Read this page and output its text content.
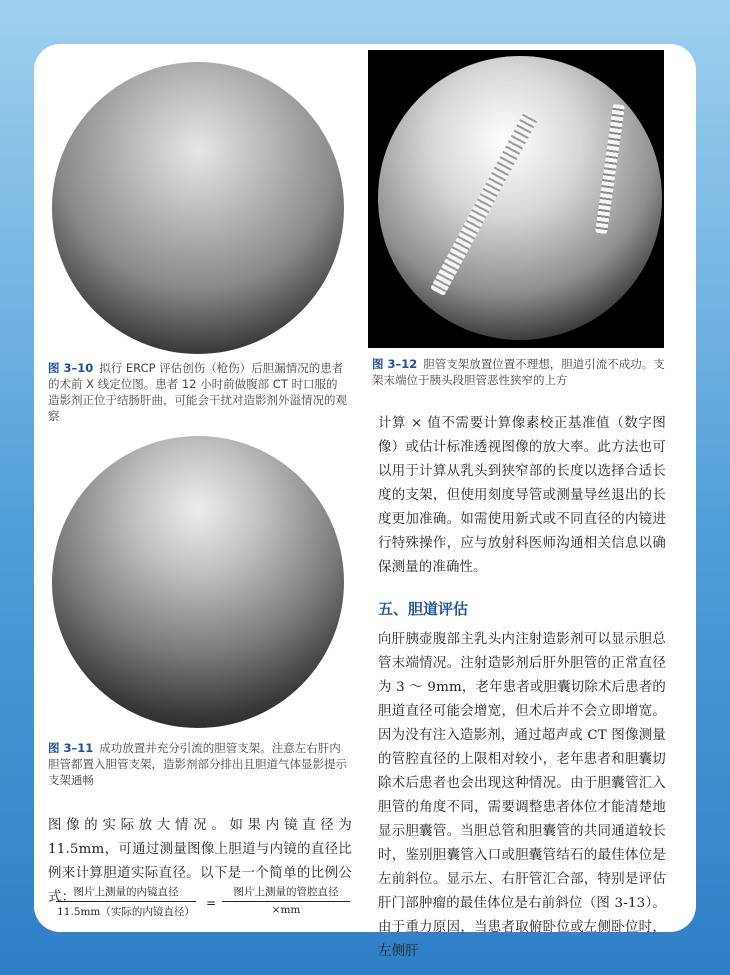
图 3–10 拟行 ERCP 评估创伤（枪伤）后胆漏情况的患者的术前 X 线定位图。患者 12 小时前做腹部 CT 时口服的造影剂正位于结肠肝曲，可能会干扰对造影剂外溢情况的观察
图 3–12 胆管支架放置位置不理想，胆道引流不成功。支架末端位于胰头段胆管恶性狭窄的上方
图 3–11 成功放置并充分引流的胆管支架。注意左右肝内胆管都置入胆管支架，造影剂部分排出且胆道气体显影提示支架通畅
图像的实际放大情况。如果内镜直径为 11.5mm，可通过测量图像上胆道与内镜的直径比例来计算胆道实际直径。以下是一个简单的比例公式：
图片上测量的内镜直径
11.5mm（实际的内镜直径）
=
图片上测量的管腔直径
×mm
计算 × 值不需要计算像素校正基准值（数字图像）或估计标准透视图像的放大率。此方法也可以用于计算从乳头到狭窄部的长度以选择合适长度的支架，但使用刻度导管或测量导丝退出的长度更加准确。如需使用新式或不同直径的内镜进行特殊操作，应与放射科医师沟通相关信息以确保测量的准确性。
五、胆道评估
向肝胰壶腹部主乳头内注射造影剂可以显示胆总管末端情况。注射造影剂后肝外胆管的正常直径为 3 ～ 9mm，老年患者或胆囊切除术后患者的胆道直径可能会增宽，但术后并不会立即增宽。因为没有注入造影剂，通过超声或 CT 图像测量的管腔直径的上限相对较小，老年患者和胆囊切除术后患者也会出现这种情况。由于胆囊管汇入胆管的角度不同，需要调整患者体位才能清楚地显示胆囊管。当胆总管和胆囊管的共同通道较长时，鉴别胆囊管入口或胆囊管结石的最佳体位是左前斜位。显示左、右肝管汇合部，特别是评估肝门部肿瘤的最佳体位是右前斜位（图 3-13）。由于重力原因，当患者取俯卧位或左侧卧位时，左侧肝
